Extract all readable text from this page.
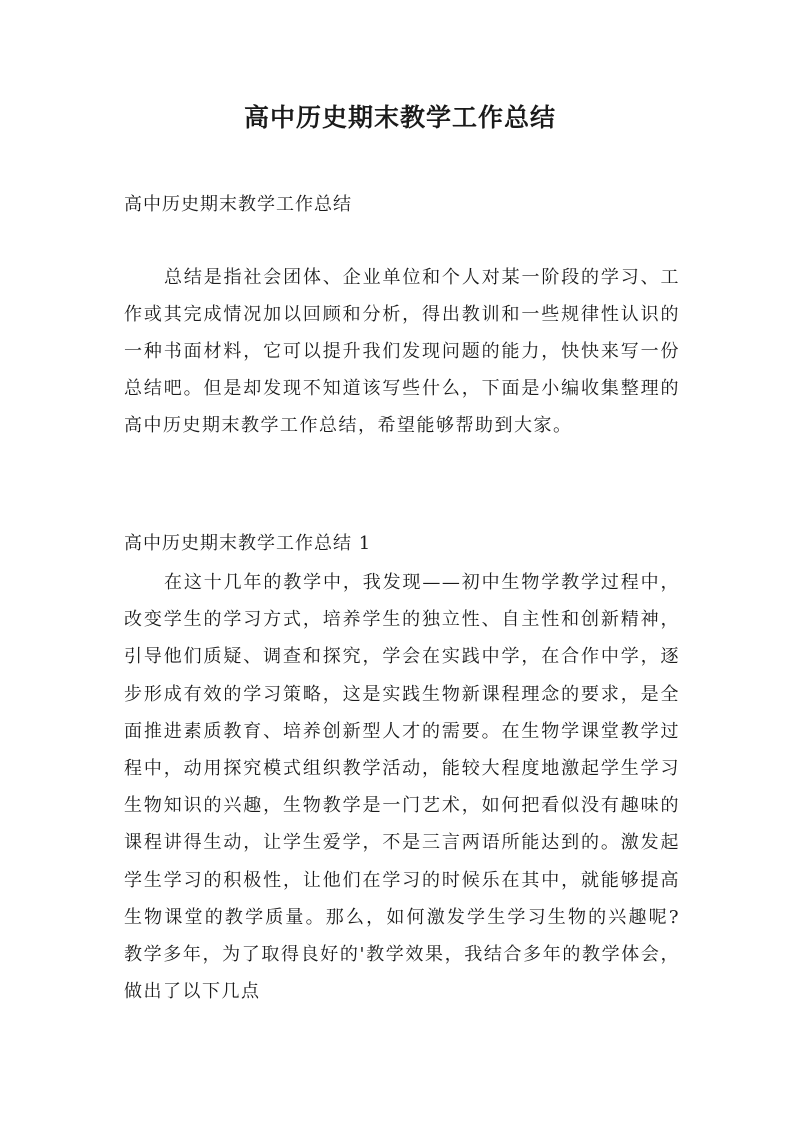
高中历史期末教学工作总结

高中历史期末教学工作总结

总结是指社会团体、企业单位和个人对某一阶段的学习、工作或其完成情况加以回顾和分析，得出教训和一些规律性认识的一种书面材料，它可以提升我们发现问题的能力，快快来写一份总结吧。但是却发现不知道该写些什么，下面是小编收集整理的高中历史期末教学工作总结，希望能够帮助到大家。

高中历史期末教学工作总结 1

在这十几年的教学中，我发现——初中生物学教学过程中，改变学生的学习方式，培养学生的独立性、自主性和创新精神，引导他们质疑、调查和探究，学会在实践中学，在合作中学，逐步形成有效的学习策略，这是实践生物新课程理念的要求，是全面推进素质教育、培养创新型人才的需要。在生物学课堂教学过程中，动用探究模式组织教学活动，能较大程度地激起学生学习生物知识的兴趣，生物教学是一门艺术，如何把看似没有趣味的课程讲得生动，让学生爱学，不是三言两语所能达到的。激发起学生学习的积极性，让他们在学习的时候乐在其中，就能够提高生物课堂的教学质量。那么，如何激发学生学习生物的兴趣呢?教学多年，为了取得良好的'教学效果，我结合多年的教学体会，做出了以下几点
